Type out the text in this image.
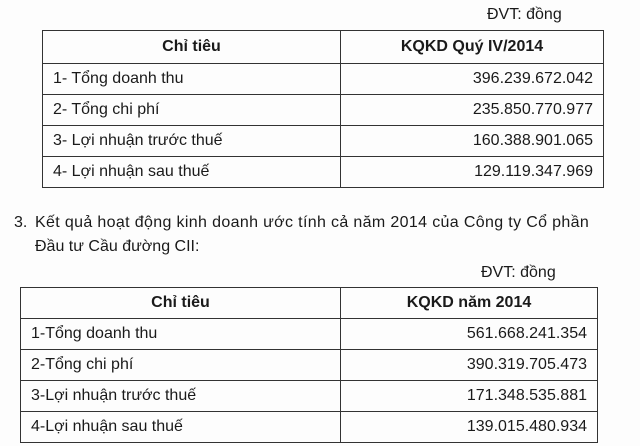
ĐVT: đồng
Chỉ tiêu	KQKD Quý IV/2014
1- Tổng doanh thu	396.239.672.042
2- Tổng chi phí	235.850.770.977
3- Lợi nhuận trước thuế	160.388.901.065
4- Lợi nhuận sau thuế	129.119.347.969
3. Kết quả hoạt động kinh doanh ước tính cả năm 2014 của Công ty Cổ phần
Đầu tư Cầu đường CII:
ĐVT: đồng
Chỉ tiêu	KQKD năm 2014
1-Tổng doanh thu	561.668.241.354
2-Tổng chi phí	390.319.705.473
3-Lợi nhuận trước thuế	171.348.535.881
4-Lợi nhuận sau thuế	139.015.480.934
